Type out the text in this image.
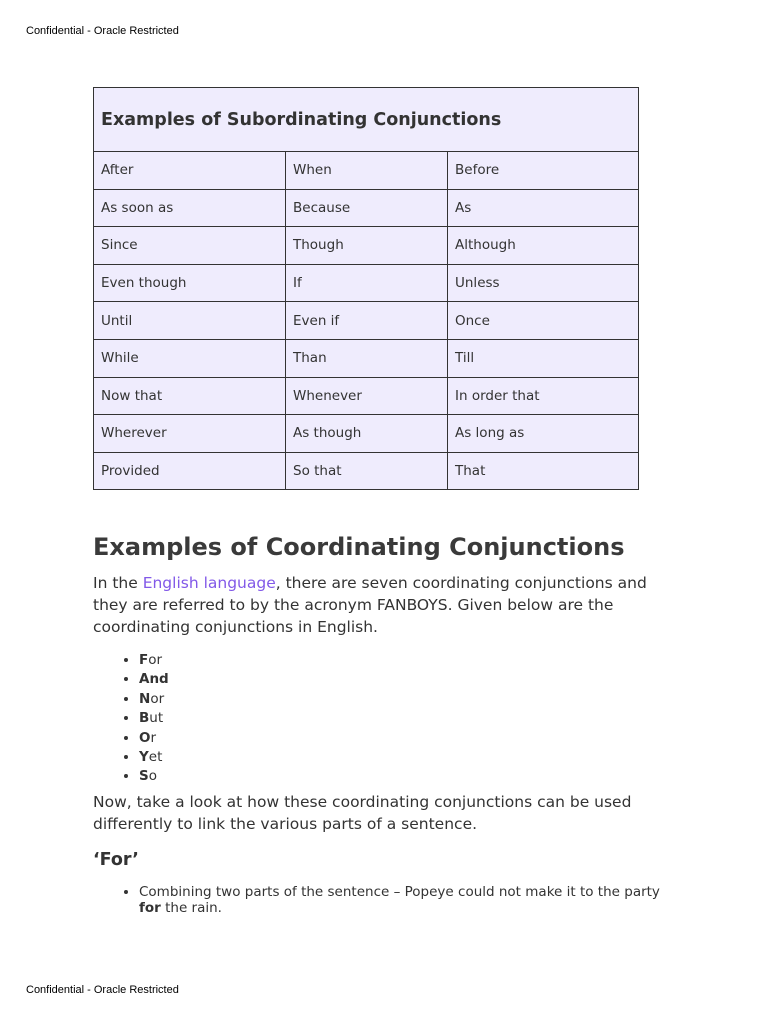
Confidential - Oracle Restricted
Examples of Subordinating Conjunctions		
After	When	Before
As soon as	Because	As
Since	Though	Although
Even though	If	Unless
Until	Even if	Once
While	Than	Till
Now that	Whenever	In order that
Wherever	As though	As long as
Provided	So that	That
Examples of Coordinating Conjunctions

In the English language, there are seven coordinating conjunctions and they are referred to by the acronym FANBOYS. Given below are the coordinating conjunctions in English.

• For
• And
• Nor
• But
• Or
• Yet
• So

Now, take a look at how these coordinating conjunctions can be used differently to link the various parts of a sentence.

‘For’
• Combining two parts of the sentence – Popeye could not make it to the party for the rain.
Confidential - Oracle Restricted
